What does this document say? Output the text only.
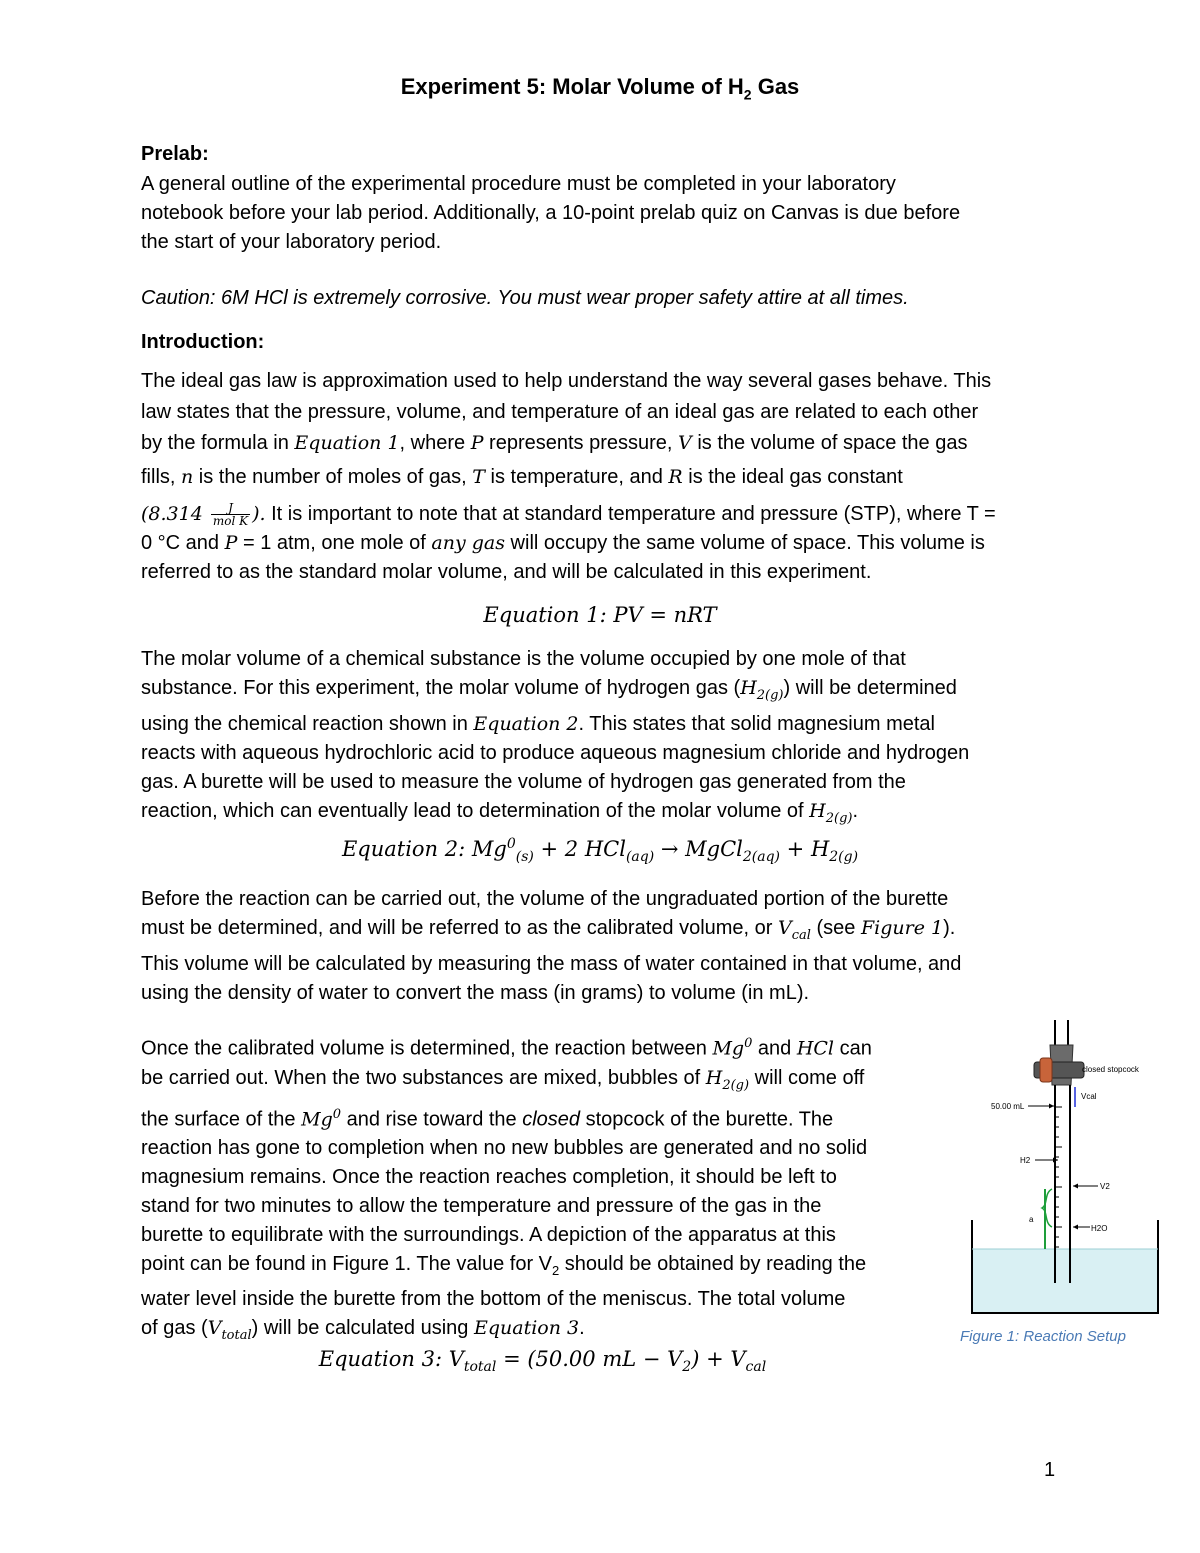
Experiment 5: Molar Volume of $H_2$ Gas
Prelab:
A general outline of the experimental procedure must be completed in your laboratory
notebook before your lab period. Additionally, a 10-point prelab quiz on Canvas is due before
the start of your laboratory period.
Caution: 6M HCl is extremely corrosive. You must wear proper safety attire at all times.
Introduction:
The ideal gas law is approximation used to help understand the way several gases behave. This
law states that the pressure, volume, and temperature of an ideal gas are related to each other
by the formula in Equation 1, where P represents pressure, V is the volume of space the gas
fills, n is the number of moles of gas, T is temperature, and R is the ideal gas constant
($8.314 \frac{J}{\text{mol K}}$ ). It is important to note that at standard temperature and pressure (STP), where T =
0 °C and P = 1 atm, one mole of any gas will occupy the same volume of space. This volume is
referred to as the standard molar volume, and will be calculated in this experiment.
Equation 1: PV = nRT
The molar volume of a chemical substance is the volume occupied by one mole of that
substance. For this experiment, the molar volume of hydrogen gas $(H_{2(g)})$ will be determined
using the chemical reaction shown in Equation 2. This states that solid magnesium metal
reacts with aqueous hydrochloric acid to produce aqueous magnesium chloride and hydrogen
gas. A burette will be used to measure the volume of hydrogen gas generated from the
reaction, which can eventually lead to determination of the molar volume of $H_{2(g)}$.
Equation 2: $Mg^0_{(s)} + 2$ HCl$_{(aq)}$ → MgCl$_{2(aq)}$ + $H_{2(g)}$
Before the reaction can be carried out, the volume of the ungraduated portion of the burette
must be determined, and will be referred to as the calibrated volume, or $V_{cal}$ (see Figure 1).
This volume will be calculated by measuring the mass of water contained in that volume, and
using the density of water to convert the mass (in grams) to volume (in mL).
Once the calibrated volume is determined, the reaction between Mg$^0$ and HCl can
be carried out. When the two substances are mixed, bubbles of $H_{2(g)}$ will come off
the surface of the Mg$^0$ and rise toward the closed stopcock of the burette. The
reaction has gone to completion when no new bubbles are generated and no solid
magnesium remains. Once the reaction reaches completion, it should be left to
stand for two minutes to allow the temperature and pressure of the gas in the
burette to equilibrate with the surroundings. A depiction of the apparatus at this
point can be found in Figure 1. The value for $V_2$ should be obtained by reading the
water level inside the burette from the bottom of the meniscus. The total volume
of gas $(V_{total})$ will be calculated using Equation 3.
Equation 3: $V_{total} = (50.00$ mL − $V_2) + V_{cal}$
closed stopcock
Vcal
50.00 mL
H2
V2
H2O
a
Figure 1: Reaction Setup
1
